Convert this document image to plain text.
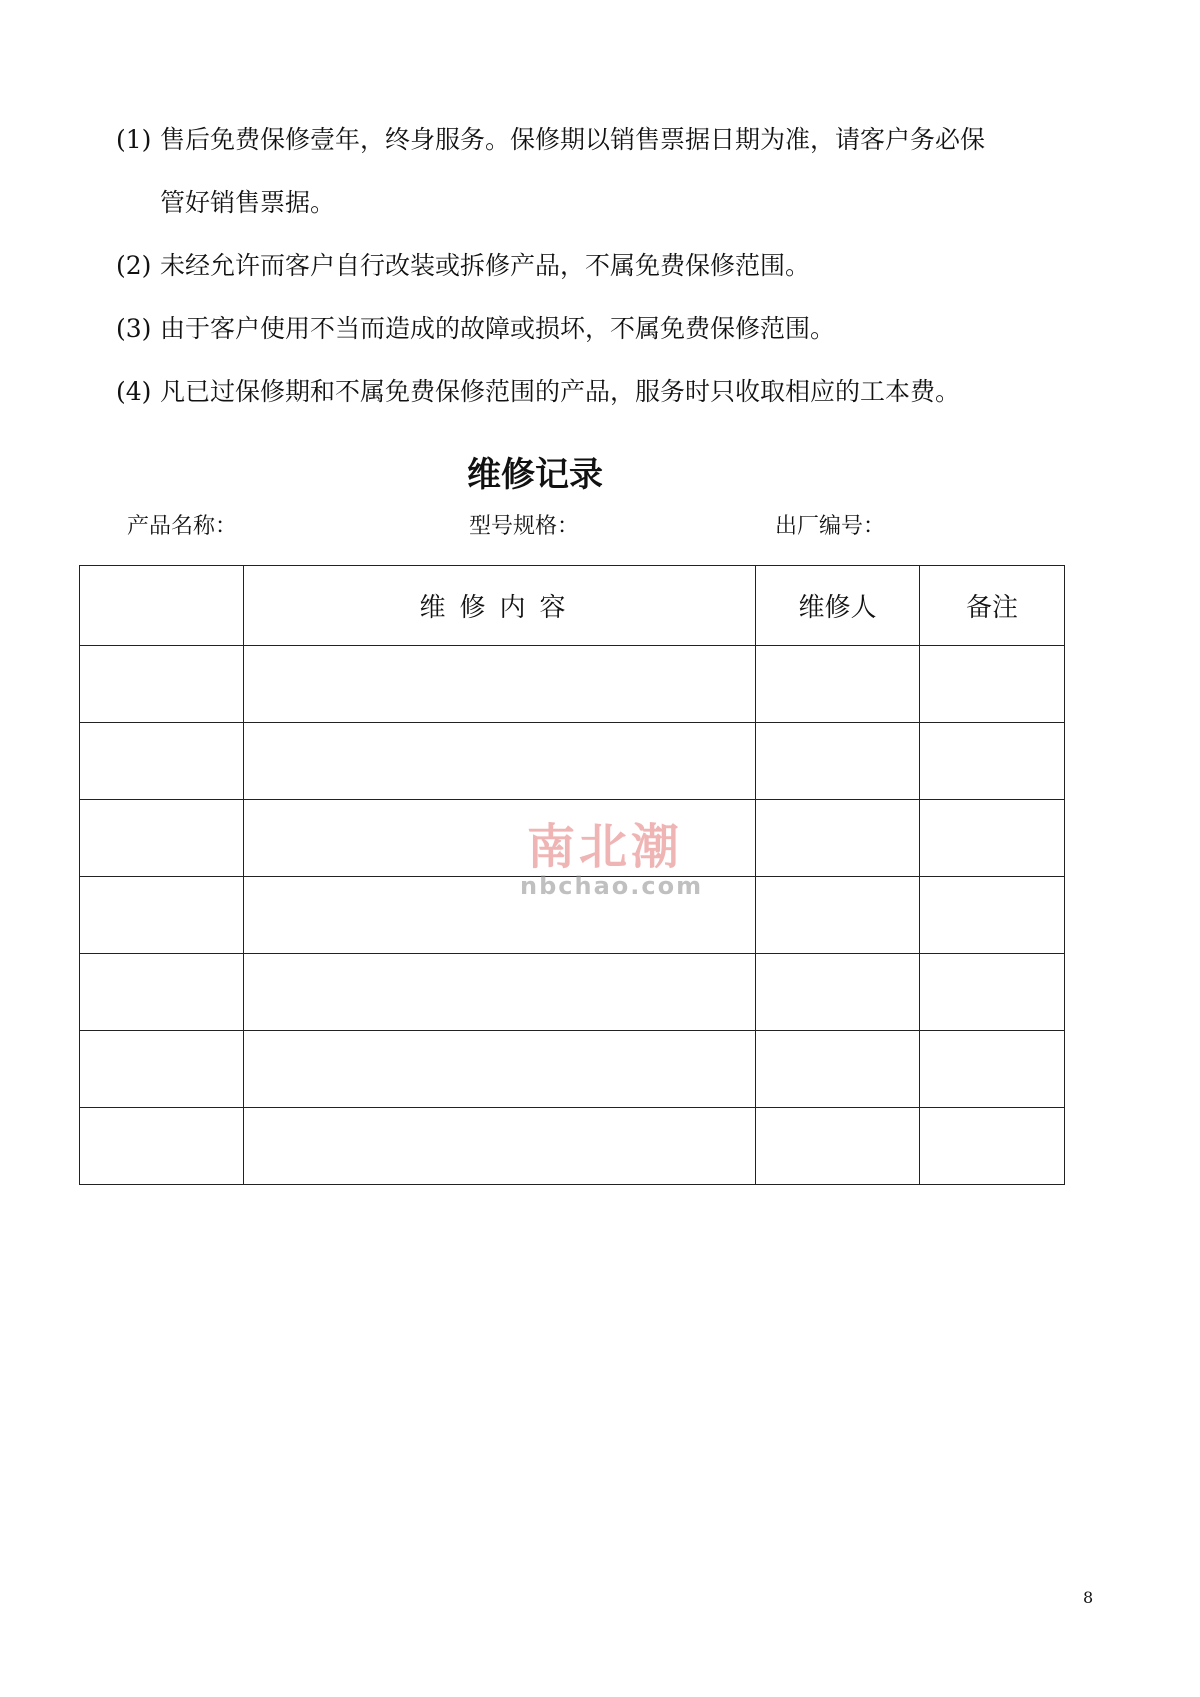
(1) 售后免费保修壹年，终身服务。保修期以销售票据日期为准，请客户务必保
管好销售票据。
(2) 未经允许而客户自行改装或拆修产品，不属免费保修范围。
(3) 由于客户使用不当而造成的故障或损坏，不属免费保修范围。
(4) 凡已过保修期和不属免费保修范围的产品，服务时只收取相应的工本费。
维修记录
产品名称：	型号规格：	出厂编号：
	维修内容	维修人	备注

南北潮
nbchao.com
8
